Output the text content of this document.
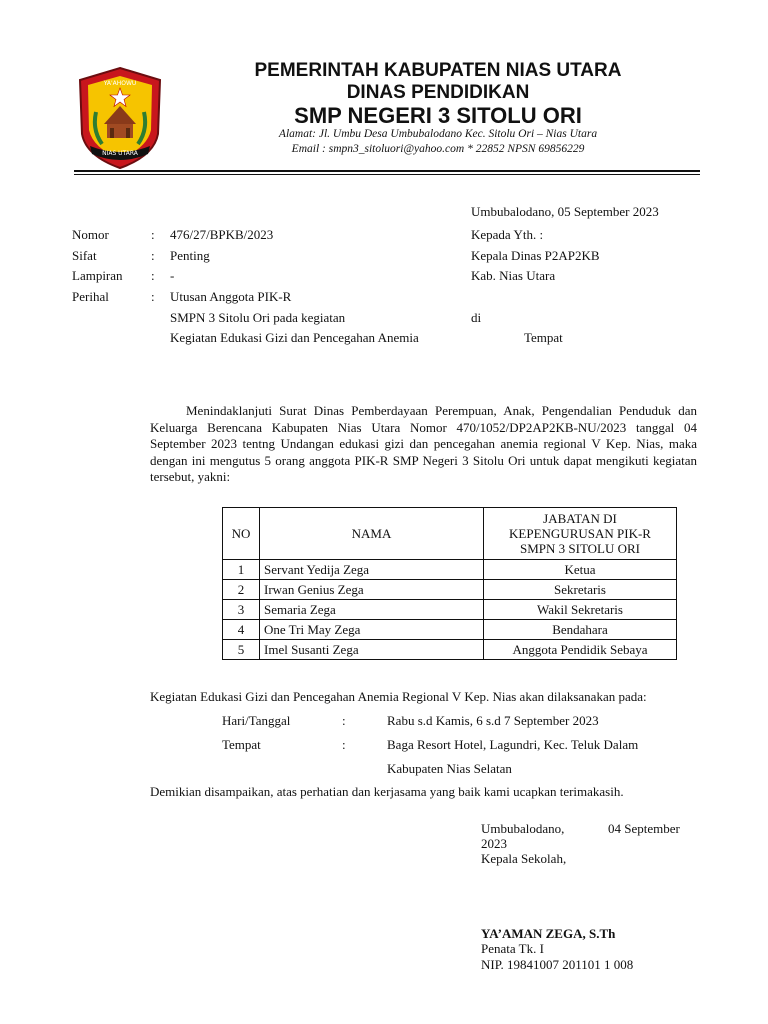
YA'AHOWU
NIAS UTARA
PEMERINTAH KABUPATEN NIAS UTARA
DINAS PENDIDIKAN
SMP NEGERI 3 SITOLU ORI
Alamat: Jl. Umbu Desa Umbubalodano Kec. Sitolu Ori – Nias Utara
Email : smpn3_sitoluori@yahoo.com * 22852 NPSN 69856229
Umbubalodano, 05 September 2023
Nomor	: 476/27/BPKB/2023
Sifat	: Penting
Lampiran : -
Perihal	: Utusan Anggota PIK-R
SMPN 3 Sitolu Ori pada kegiatan
Kegiatan Edukasi Gizi dan Pencegahan Anemia
Kepada Yth. :
Kepala Dinas P2AP2KB
Kab. Nias Utara
di
Tempat
Menindaklanjuti Surat Dinas Pemberdayaan Perempuan, Anak, Pengendalian Penduduk dan Keluarga Berencana Kabupaten Nias Utara Nomor 470/1052/DP2AP2KB-NU/2023 tanggal 04 September 2023 tentng Undangan edukasi gizi dan pencegahan anemia regional V Kep. Nias, maka dengan ini mengutus 5 orang anggota PIK-R SMP Negeri 3 Sitolu Ori untuk dapat mengikuti kegiatan tersebut, yakni:
NO	NAMA	JABATAN DI KEPENGURUSAN PIK-R SMPN 3 SITOLU ORI
1	Servant Yedija Zega	Ketua
2	Irwan Genius Zega	Sekretaris
3	Semaria Zega	Wakil Sekretaris
4	One Tri May Zega	Bendahara
5	Imel Susanti Zega	Anggota Pendidik Sebaya
Kegiatan Edukasi Gizi dan Pencegahan Anemia Regional V Kep. Nias akan dilaksanakan pada:
Hari/Tanggal	:	Rabu s.d Kamis, 6 s.d 7 September 2023
Tempat	:	Baga Resort Hotel, Lagundri, Kec. Teluk Dalam
Kabupaten Nias Selatan
Demikian disampaikan, atas perhatian dan kerjasama yang baik kami ucapkan terimakasih.
Umbubalodano,	04 September
2023
Kepala Sekolah,
YA’AMAN ZEGA, S.Th
Penata Tk. I
NIP. 19841007 201101 1 008
